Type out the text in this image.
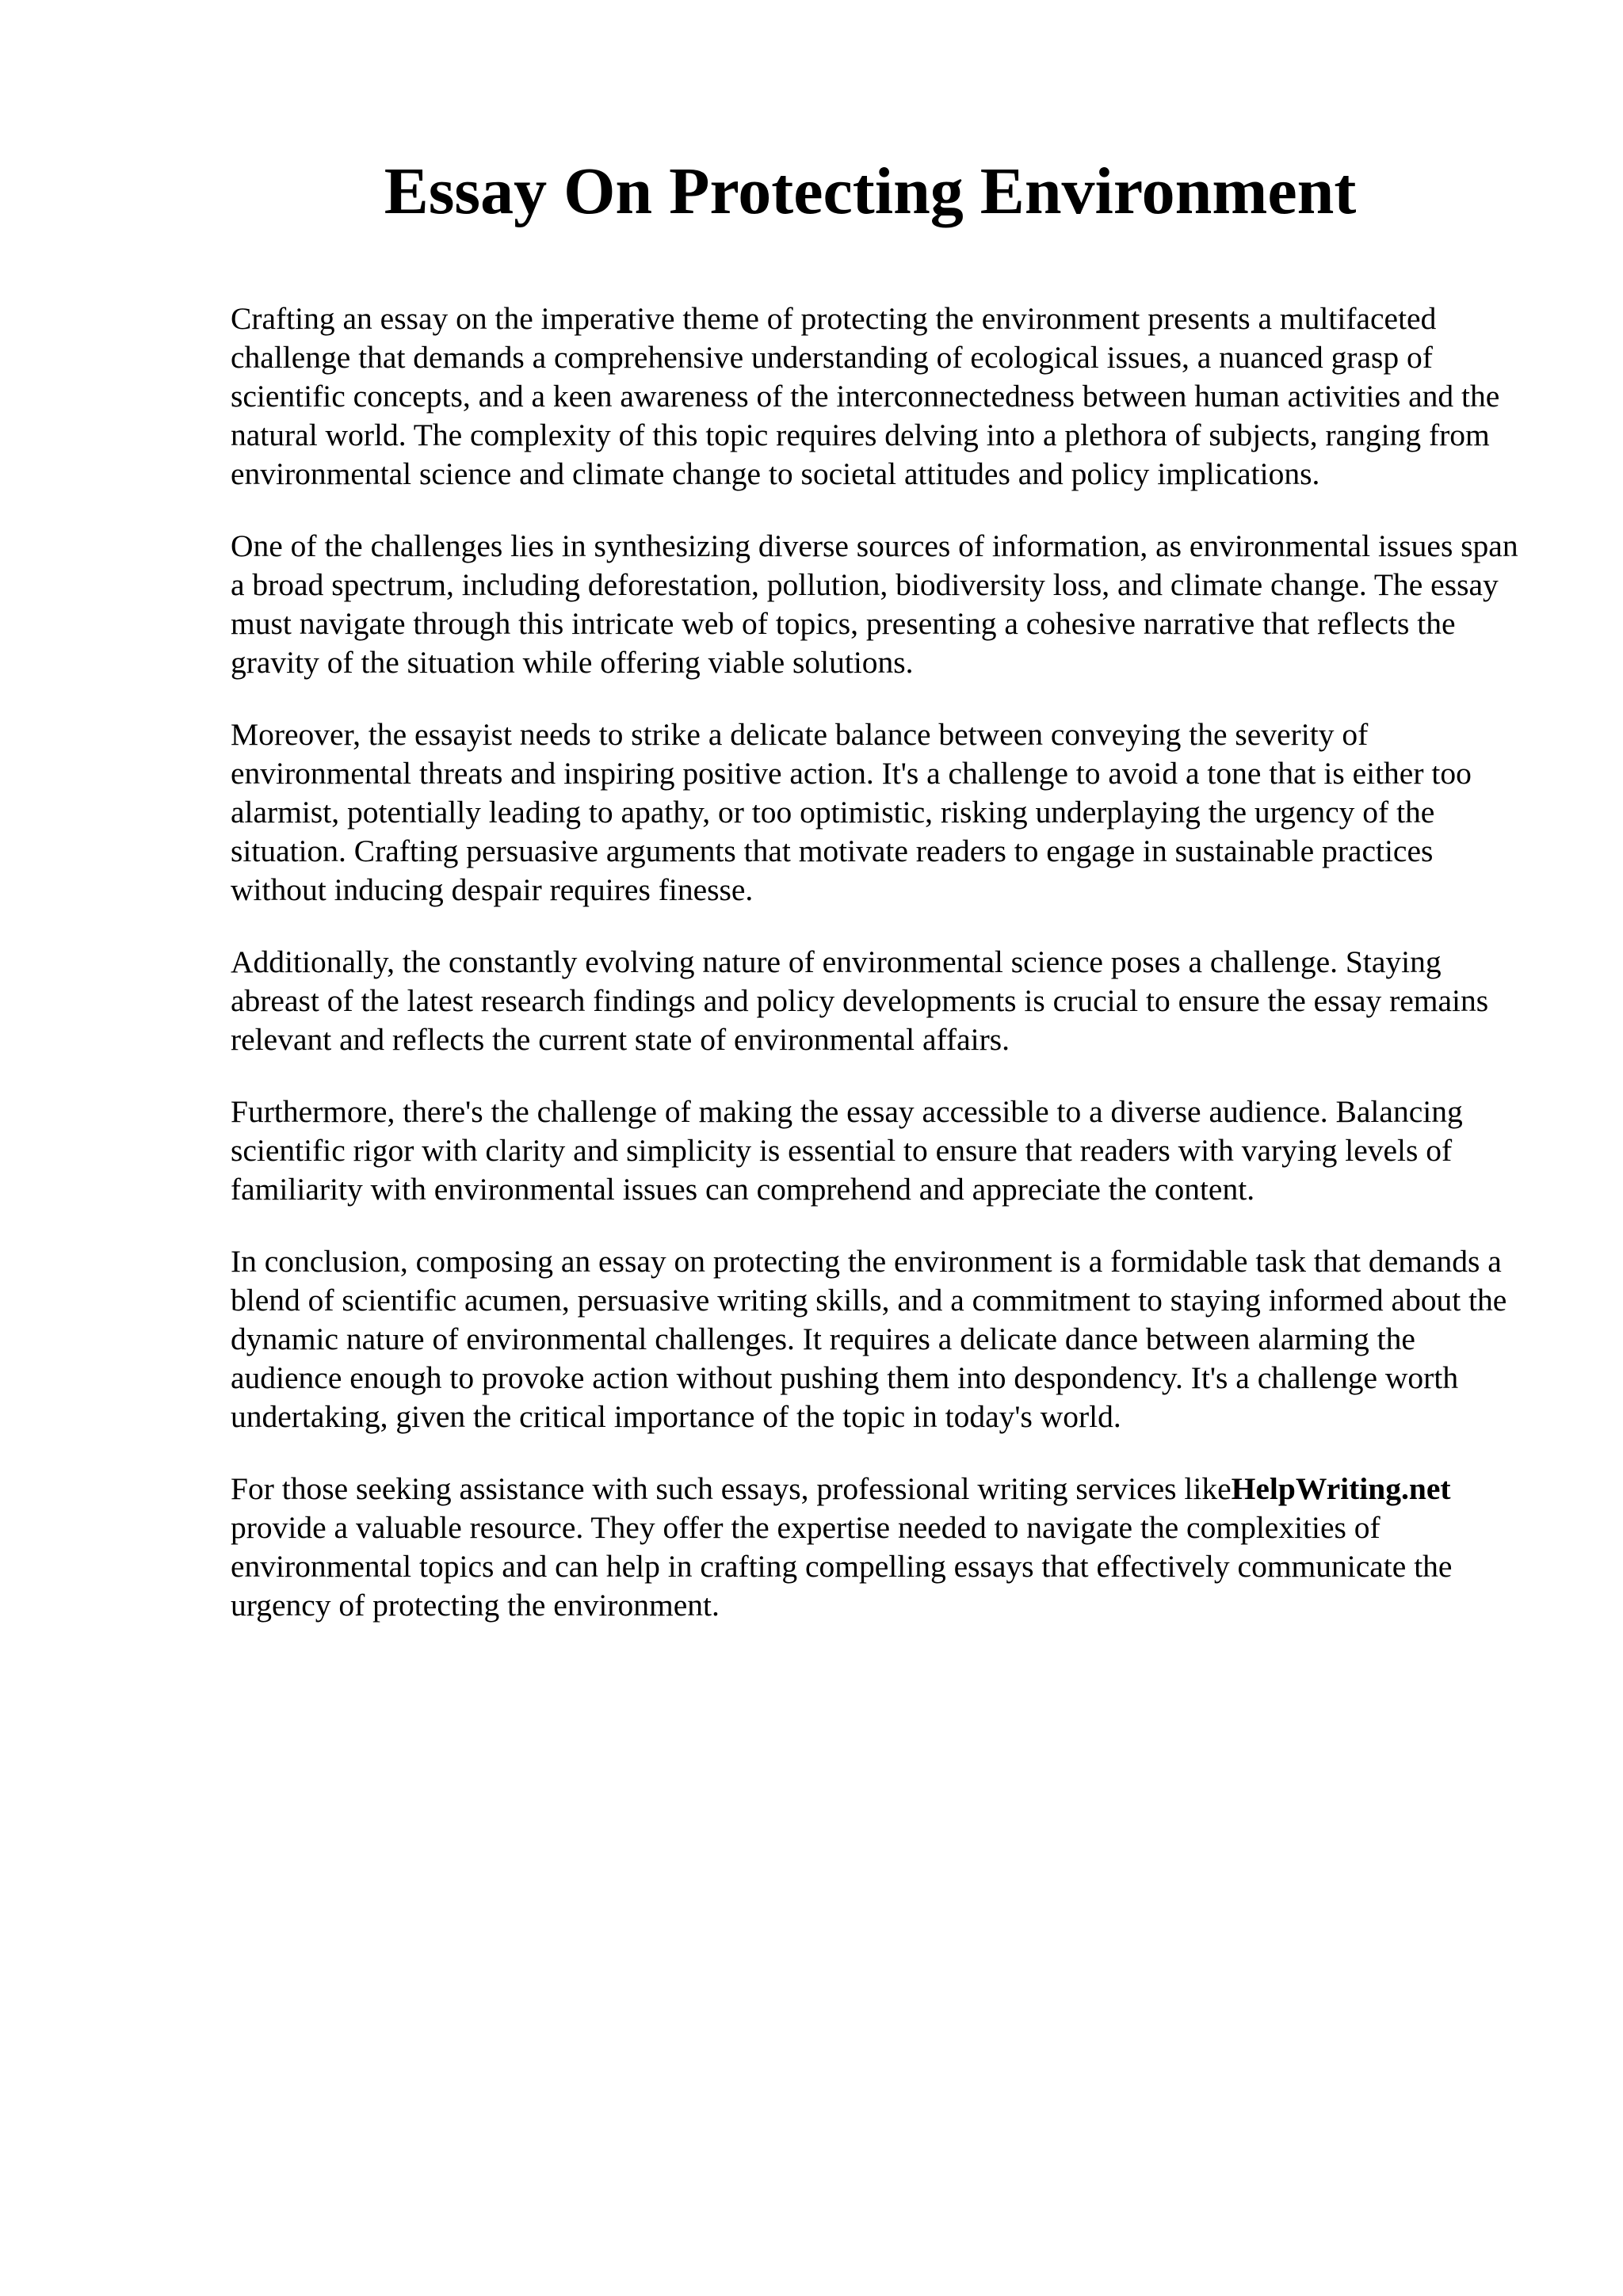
Essay On Protecting Environment

Crafting an essay on the imperative theme of protecting the environment presents a multifaceted challenge that demands a comprehensive understanding of ecological issues, a nuanced grasp of scientific concepts, and a keen awareness of the interconnectedness between human activities and the natural world. The complexity of this topic requires delving into a plethora of subjects, ranging from environmental science and climate change to societal attitudes and policy implications.

One of the challenges lies in synthesizing diverse sources of information, as environmental issues span a broad spectrum, including deforestation, pollution, biodiversity loss, and climate change. The essay must navigate through this intricate web of topics, presenting a cohesive narrative that reflects the gravity of the situation while offering viable solutions.

Moreover, the essayist needs to strike a delicate balance between conveying the severity of environmental threats and inspiring positive action. It's a challenge to avoid a tone that is either too alarmist, potentially leading to apathy, or too optimistic, risking underplaying the urgency of the situation. Crafting persuasive arguments that motivate readers to engage in sustainable practices without inducing despair requires finesse.

Additionally, the constantly evolving nature of environmental science poses a challenge. Staying abreast of the latest research findings and policy developments is crucial to ensure the essay remains relevant and reflects the current state of environmental affairs.

Furthermore, there's the challenge of making the essay accessible to a diverse audience. Balancing scientific rigor with clarity and simplicity is essential to ensure that readers with varying levels of familiarity with environmental issues can comprehend and appreciate the content.

In conclusion, composing an essay on protecting the environment is a formidable task that demands a blend of scientific acumen, persuasive writing skills, and a commitment to staying informed about the dynamic nature of environmental challenges. It requires a delicate dance between alarming the audience enough to provoke action without pushing them into despondency. It's a challenge worth undertaking, given the critical importance of the topic in today's world.

For those seeking assistance with such essays, professional writing services likeHelpWriting.net provide a valuable resource. They offer the expertise needed to navigate the complexities of environmental topics and can help in crafting compelling essays that effectively communicate the urgency of protecting the environment.
